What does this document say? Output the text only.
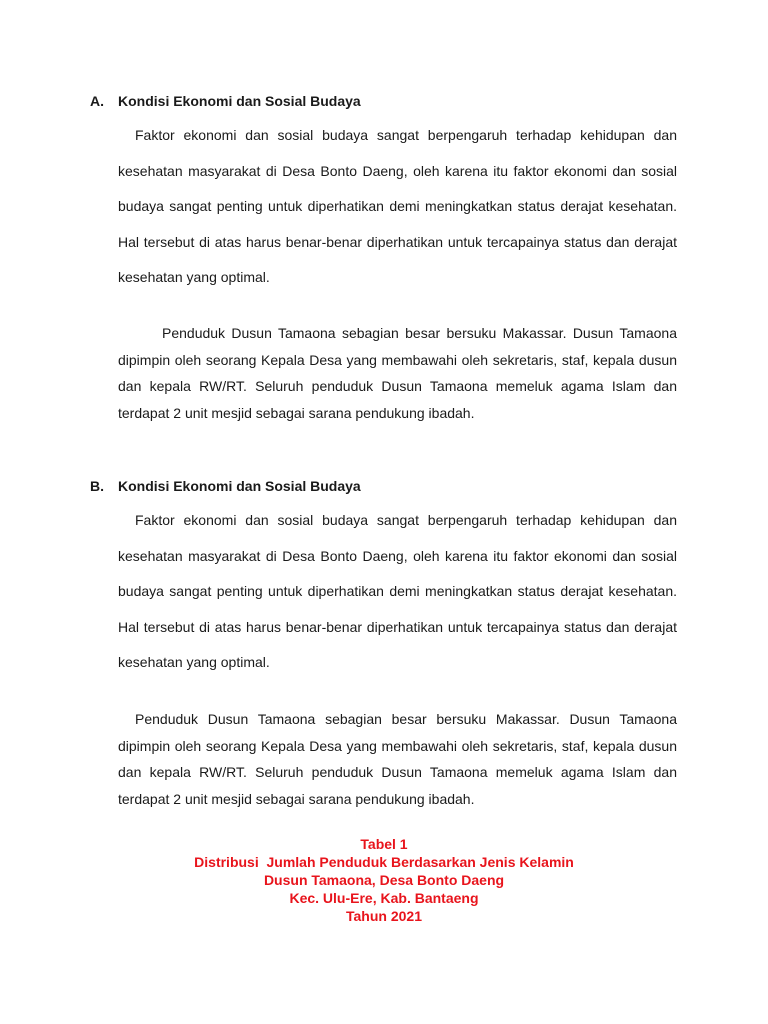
A. Kondisi Ekonomi dan Sosial Budaya

Faktor ekonomi dan sosial budaya sangat berpengaruh terhadap kehidupan dan kesehatan masyarakat di Desa Bonto Daeng, oleh karena itu faktor ekonomi dan sosial budaya sangat penting untuk diperhatikan demi meningkatkan status derajat kesehatan. Hal tersebut di atas harus benar-benar diperhatikan untuk tercapainya status dan derajat kesehatan yang optimal.

Penduduk Dusun Tamaona sebagian besar bersuku Makassar. Dusun Tamaona dipimpin oleh seorang Kepala Desa yang membawahi oleh sekretaris, staf, kepala dusun dan kepala RW/RT. Seluruh penduduk Dusun Tamaona memeluk agama Islam dan terdapat 2 unit mesjid sebagai sarana pendukung ibadah.

B. Kondisi Ekonomi dan Sosial Budaya

Faktor ekonomi dan sosial budaya sangat berpengaruh terhadap kehidupan dan kesehatan masyarakat di Desa Bonto Daeng, oleh karena itu faktor ekonomi dan sosial budaya sangat penting untuk diperhatikan demi meningkatkan status derajat kesehatan. Hal tersebut di atas harus benar-benar diperhatikan untuk tercapainya status dan derajat kesehatan yang optimal.

Penduduk Dusun Tamaona sebagian besar bersuku Makassar. Dusun Tamaona dipimpin oleh seorang Kepala Desa yang membawahi oleh sekretaris, staf, kepala dusun dan kepala RW/RT. Seluruh penduduk Dusun Tamaona memeluk agama Islam dan terdapat 2 unit mesjid sebagai sarana pendukung ibadah.

Tabel 1
Distribusi  Jumlah Penduduk Berdasarkan Jenis Kelamin
Dusun Tamaona, Desa Bonto Daeng
Kec. Ulu-Ere, Kab. Bantaeng
Tahun 2021
